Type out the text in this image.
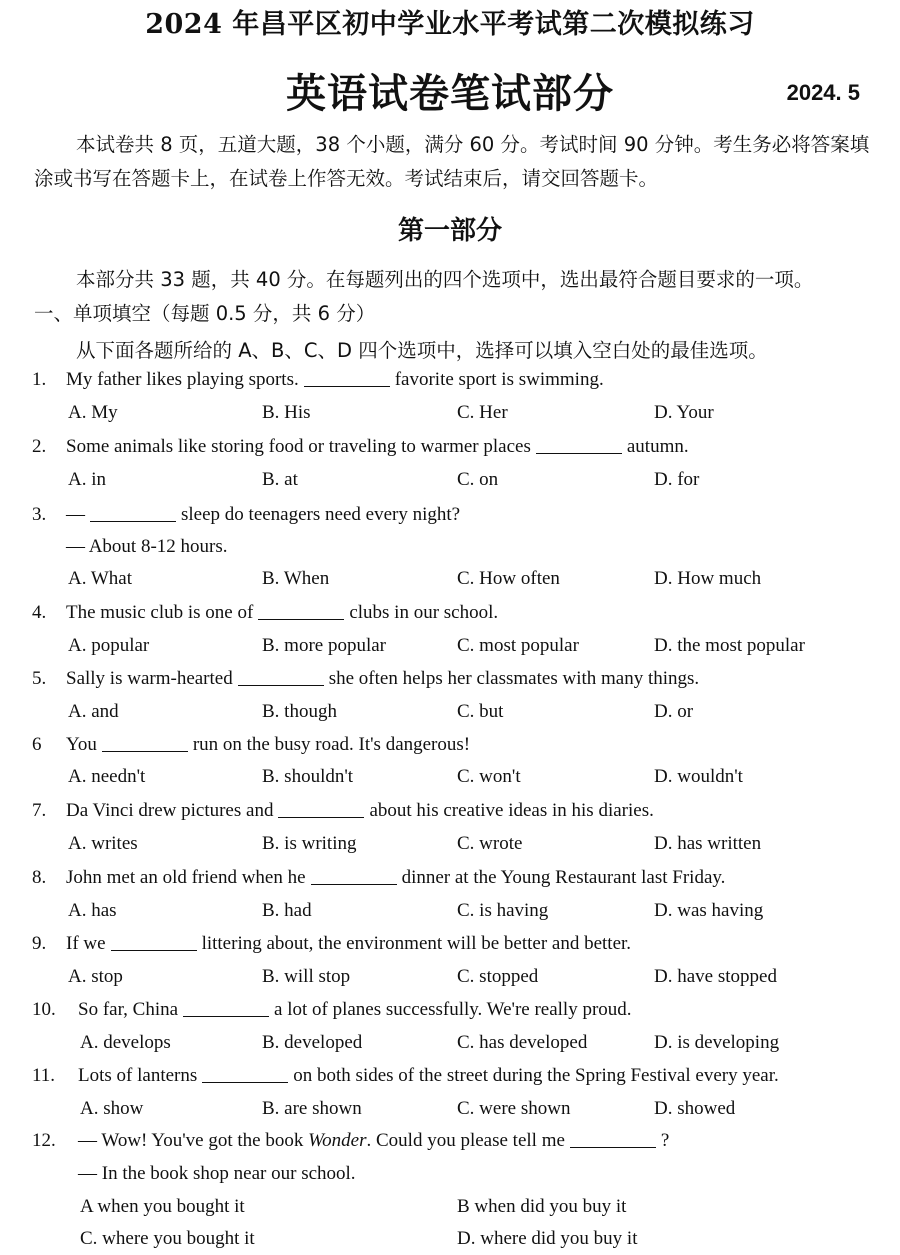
2024 年昌平区初中学业水平考试第二次模拟练习
英语试卷笔试部分	2024. 5
本试卷共 8 页，五道大题，38 个小题，满分 60 分。考试时间 90 分钟。考生务必将答案填涂或书写在答题卡上，在试卷上作答无效。考试结束后，请交回答题卡。
第一部分
本部分共 33 题，共 40 分。在每题列出的四个选项中，选出最符合题目要求的一项。
一、单项填空（每题 0.5 分，共 6 分）
从下面各题所给的 A、B、C、D 四个选项中，选择可以填入空白处的最佳选项。
1. My father likes playing sports.	favorite sport is swimming.
A. My	B. His	C. Her	D. Your
2. Some animals like storing food or traveling to warmer places	autumn.
A. in	B. at	C. on	D. for
3. —	sleep do teenagers need every night?
— About 8-12 hours.
A. What	B. When	C. How often	D. How much
4. The music club is one of	clubs in our school.
A. popular	B. more popular	C. most popular	D. the most popular
5. Sally is warm-hearted	she often helps her classmates with many things.
A. and	B. though	C. but	D. or
6 You	run on the busy road. It's dangerous!
A. needn't	B. shouldn't	C. won't	D. wouldn't
7. Da Vinci drew pictures and	about his creative ideas in his diaries.
A. writes	B. is writing	C. wrote	D. has written
8. John met an old friend when he	dinner at the Young Restaurant last Friday.
A. has	B. had	C. is having	D. was having
9. If we	littering about, the environment will be better and better.
A. stop	B. will stop	C. stopped	D. have stopped
10. So far, China	a lot of planes successfully. We're really proud.
A. develops	B. developed	C. has developed	D. is developing
11. Lots of lanterns	on both sides of the street during the Spring Festival every year.
A. show	B. are shown	C. were shown	D. showed
12. — Wow! You've got the book Wonder. Could you please tell me	?
— In the book shop near our school.
A when you bought it	B when did you buy it
C. where you bought it	D. where did you buy it
